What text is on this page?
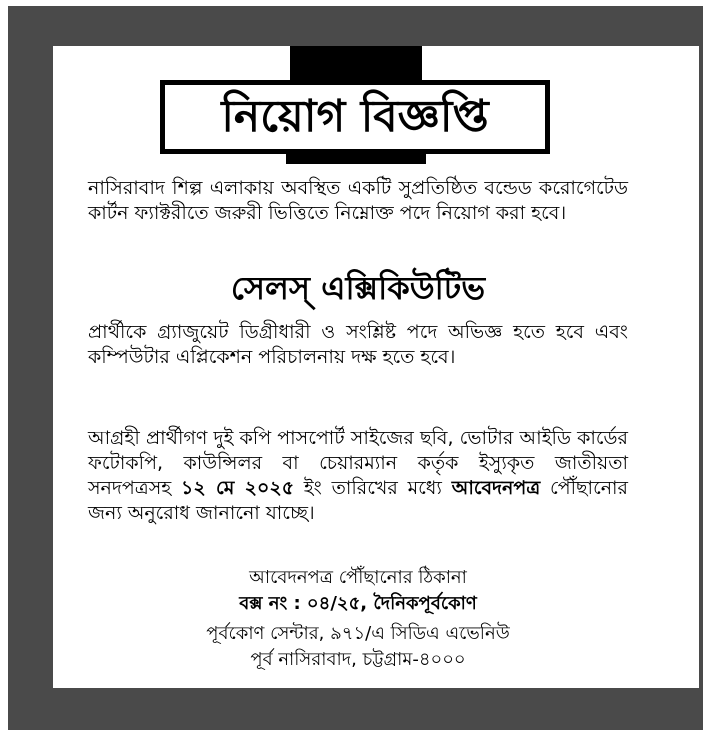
নিয়োগ বিজ্ঞপ্তি
নাসিরাবাদ শিল্প এলাকায় অবস্থিত একটি সুপ্রতিষ্ঠিত বন্ডেড করোগেটেড কার্টন ফ্যাক্টরীতে জরুরী ভিত্তিতে নিম্নোক্ত পদে নিয়োগ করা হবে।
সেলস্ এক্সিকিউটিভ
প্রার্থীকে গ্র্যাজুয়েট ডিগ্রীধারী ও সংশ্লিষ্ট পদে অভিজ্ঞ হতে হবে এবং কম্পিউটার এপ্লিকেশন পরিচালনায় দক্ষ হতে হবে।
আগ্রহী প্রার্থীগণ দুই কপি পাসপোর্ট সাইজের ছবি, ভোটার আইডি কার্ডের ফটোকপি, কাউন্সিলর বা চেয়ারম্যান কর্তৃক ইস্যুকৃত জাতীয়তা সনদপত্রসহ ১২ মে ২০২৫ ইং তারিখের মধ্যে আবেদনপত্র পৌঁছানোর জন্য অনুরোধ জানানো যাচ্ছে।
আবেদনপত্র পৌঁছানোর ঠিকানা
বক্স নং : ০৪/২৫, দৈনিকপূর্বকোণ
পূর্বকোণ সেন্টার, ৯৭১/এ সিডিএ এভেনিউ
পূর্ব নাসিরাবাদ, চট্টগ্রাম-৪০০০
